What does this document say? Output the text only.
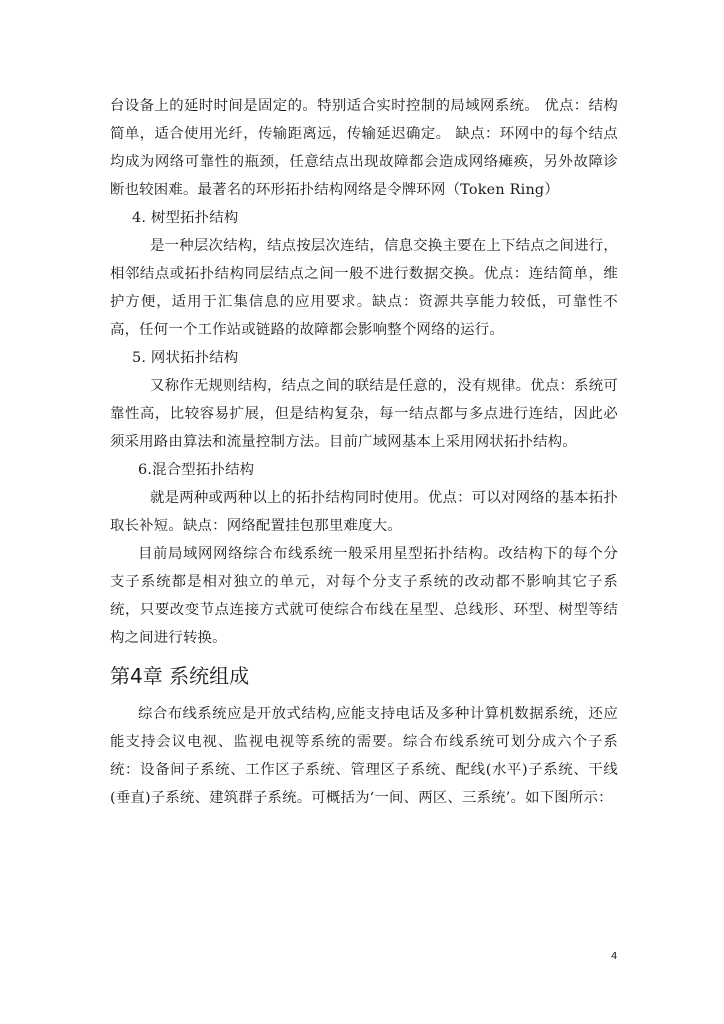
台设备上的延时时间是固定的。特别适合实时控制的局域网系统。 优点：结构简单，适合使用光纤，传输距离远，传输延迟确定。 缺点：环网中的每个结点均成为网络可靠性的瓶颈，任意结点出现故障都会造成网络瘫痪，另外故障诊断也较困难。最著名的环形拓扑结构网络是令牌环网（Token Ring）

4. 树型拓扑结构

是一种层次结构，结点按层次连结，信息交换主要在上下结点之间进行，相邻结点或拓扑结构同层结点之间一般不进行数据交换。优点：连结简单，维护方便，适用于汇集信息的应用要求。缺点：资源共享能力较低，可靠性不高，任何一个工作站或链路的故障都会影响整个网络的运行。

5. 网状拓扑结构

又称作无规则结构，结点之间的联结是任意的，没有规律。优点：系统可靠性高，比较容易扩展，但是结构复杂，每一结点都与多点进行连结，因此必须采用路由算法和流量控制方法。目前广域网基本上采用网状拓扑结构。

6.混合型拓扑结构

就是两种或两种以上的拓扑结构同时使用。优点：可以对网络的基本拓扑取长补短。缺点：网络配置挂包那里难度大。

目前局域网网络综合布线系统一般采用星型拓扑结构。改结构下的每个分支子系统都是相对独立的单元，对每个分支子系统的改动都不影响其它子系统，只要改变节点连接方式就可使综合布线在星型、总线形、环型、树型等结构之间进行转换。

第4章 系统组成

综合布线系统应是开放式结构,应能支持电话及多种计算机数据系统，还应能支持会议电视、监视电视等系统的需要。综合布线系统可划分成六个子系统：设备间子系统、工作区子系统、管理区子系统、配线(水平)子系统、干线(垂直)子系统、建筑群子系统。可概括为‘一间、两区、三系统’。如下图所示：

4
